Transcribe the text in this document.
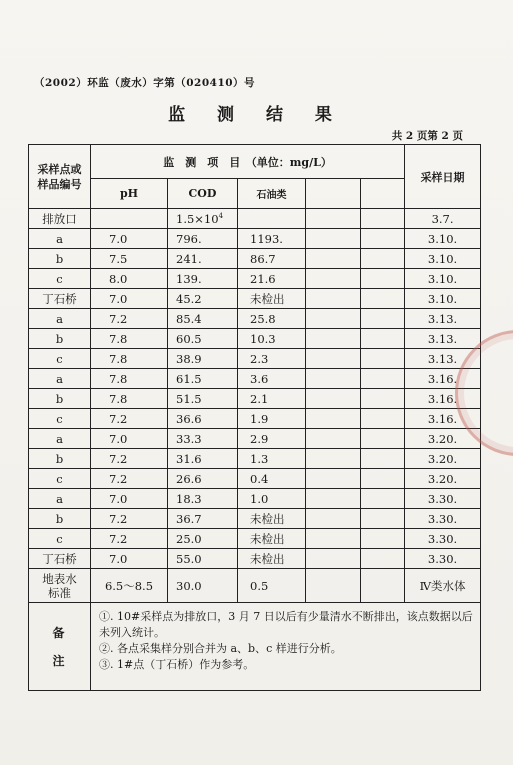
（2002）环监（废水）字第（020410）号
监 测 结 果
共 2 页第 2 页
采样点或
样品编号	监　测　项　目　（单位：mg/L）					采样日期
	pH	COD	石油类			
排放口		$1.5\times 10^4$				3.7.
a	7.0	796.	1193.			3.10.
b	7.5	241.	86.7			3.10.
c	8.0	139.	21.6			3.10.
丁石桥	7.0	45.2	未检出			3.10.
a	7.2	85.4	25.8			3.13.
b	7.8	60.5	10.3			3.13.
c	7.8	38.9	2.3			3.13.
a	7.8	61.5	3.6			3.16.
b	7.8	51.5	2.1			3.16.
c	7.2	36.6	1.9			3.16.
a	7.0	33.3	2.9			3.20.
b	7.2	31.6	1.3			3.20.
c	7.2	26.6	0.4			3.20.
a	7.0	18.3	1.0			3.30.
b	7.2	36.7	未检出			3.30.
c	7.2	25.0	未检出			3.30.
丁石桥	7.0	55.0	未检出			3.30.
地表水
标准	6.5～8.5	30.0	0.5			Ⅳ类水体
备

注	①. 10#采样点为排放口，3 月 7 日以后有少量清水不断排出，该点数据以后未列入统计。
②. 各点采集样分别合并为 a、b、c 样进行分析。
③. 1#点（丁石桥）作为参考。					
